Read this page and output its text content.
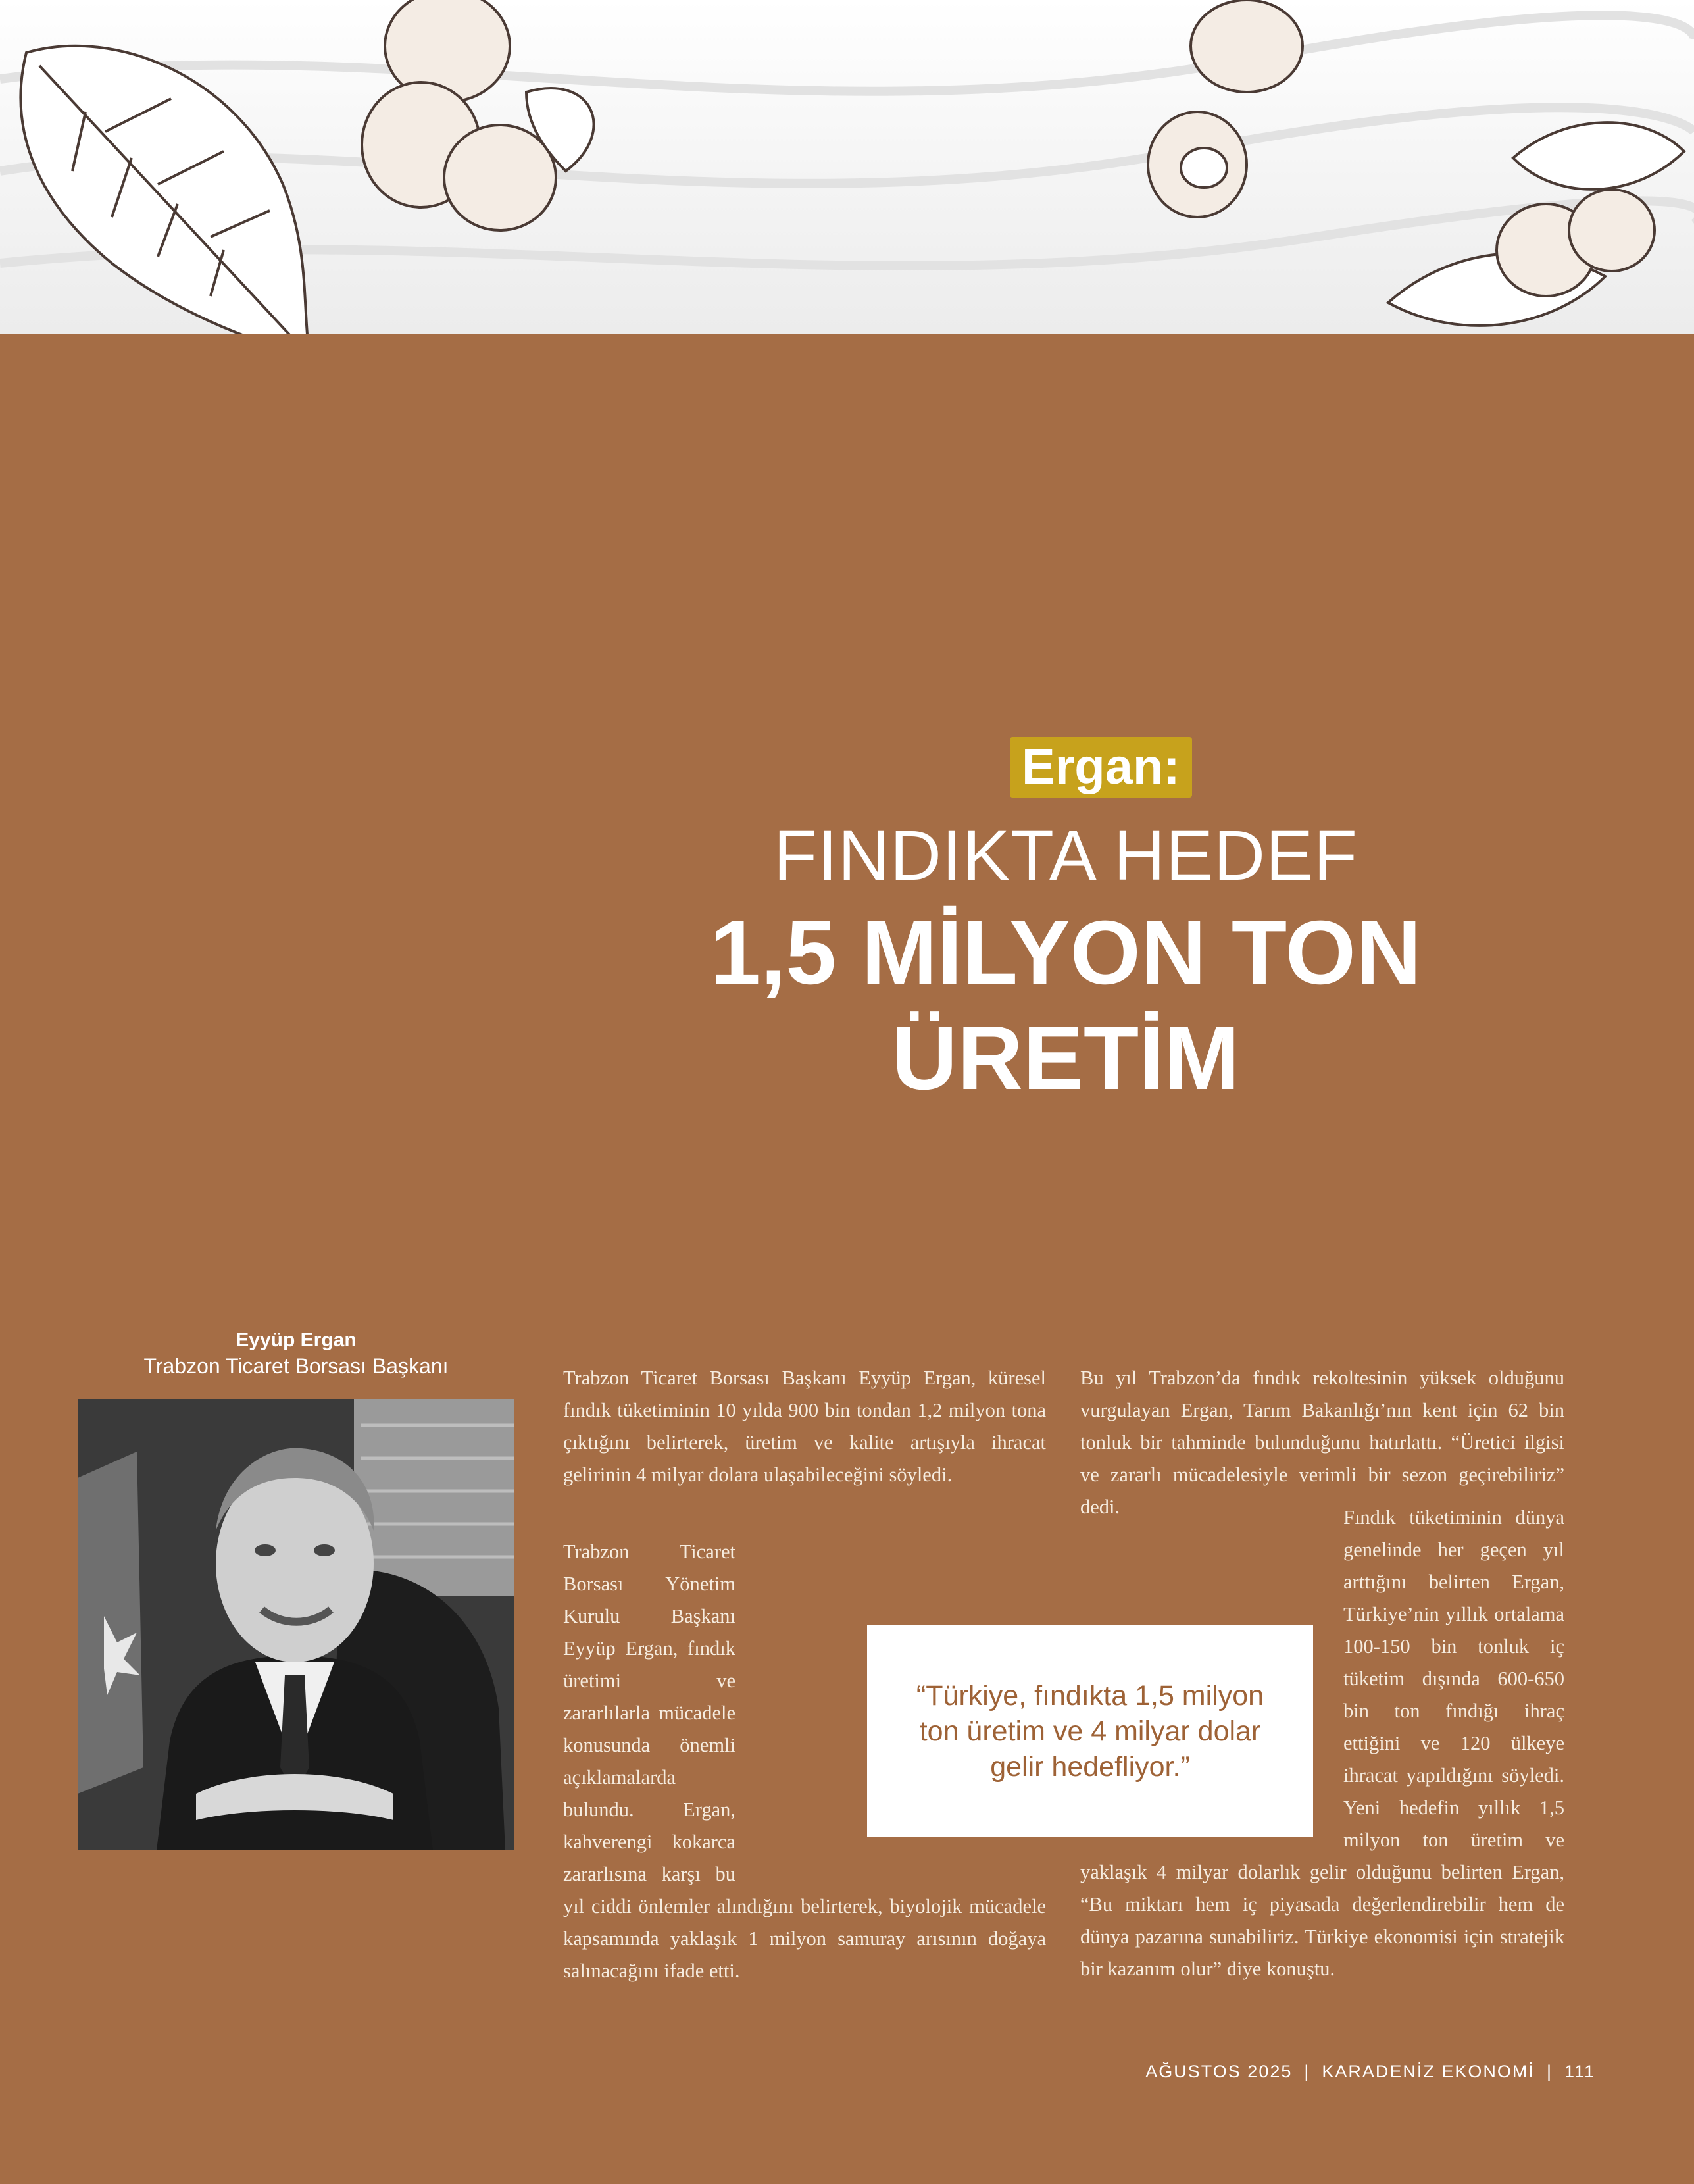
Ergan:
FINDIKTA HEDEF
1,5 MİLYON TON
ÜRETİM
Eyyüp Ergan
Trabzon Ticaret Borsası Başkanı	Trabzon Ticaret Borsası Başkanı Eyyüp Ergan, küresel fındık tüketiminin 10 yılda 900 bin tondan 1,2 milyon tona çıktığını belirterek, üretim ve kalite artışıyla ihracat gelirinin 4 milyar dolara ulaşabileceğini söyledi.

Trabzon Ticaret Borsası Yönetim Kurulu Başkanı Eyyüp Ergan, fındık üretimi ve zararlılarla mücadele konusunda önemli açıklamalarda bulundu. Ergan, kahverengi kokarca zararlısına karşı bu yıl ciddi önlemler alındığını belirterek, biyolojik mücadele kapsamında yaklaşık 1 milyon samuray arısının doğaya salınacağını ifade etti.

“Türkiye, fındıkta 1,5 milyon ton üretim ve 4 milyar dolar gelir hedefliyor.”

Bu yıl Trabzon’da fındık rekoltesinin yüksek olduğunu vurgulayan Ergan, Tarım Bakanlığı’nın kent için 62 bin tonluk bir tahminde bulunduğunu hatırlattı. “Üretici ilgisi ve zararlı mücadelesiyle verimli bir sezon geçirebiliriz” dedi.	Fındık tüketiminin dünya genelinde her geçen yıl arttığını belirten Ergan, Türkiye’nin yıllık ortalama 100-150 bin tonluk iç tüketim dışında 600-650 bin ton fındığı ihraç ettiğini ve 120 ülkeye ihracat yapıldığını söyledi. Yeni hedefin yıllık 1,5 milyon ton üretim ve yaklaşık 4 milyar dolarlık gelir olduğunu belirten Ergan, “Bu miktarı hem iç piyasada değerlendirebilir hem de dünya pazarına sunabiliriz. Türkiye ekonomisi için stratejik bir kazanım olur” diye konuştu.

AĞUSTOS 2025 | KARADENİZ EKONOMİ | 111
